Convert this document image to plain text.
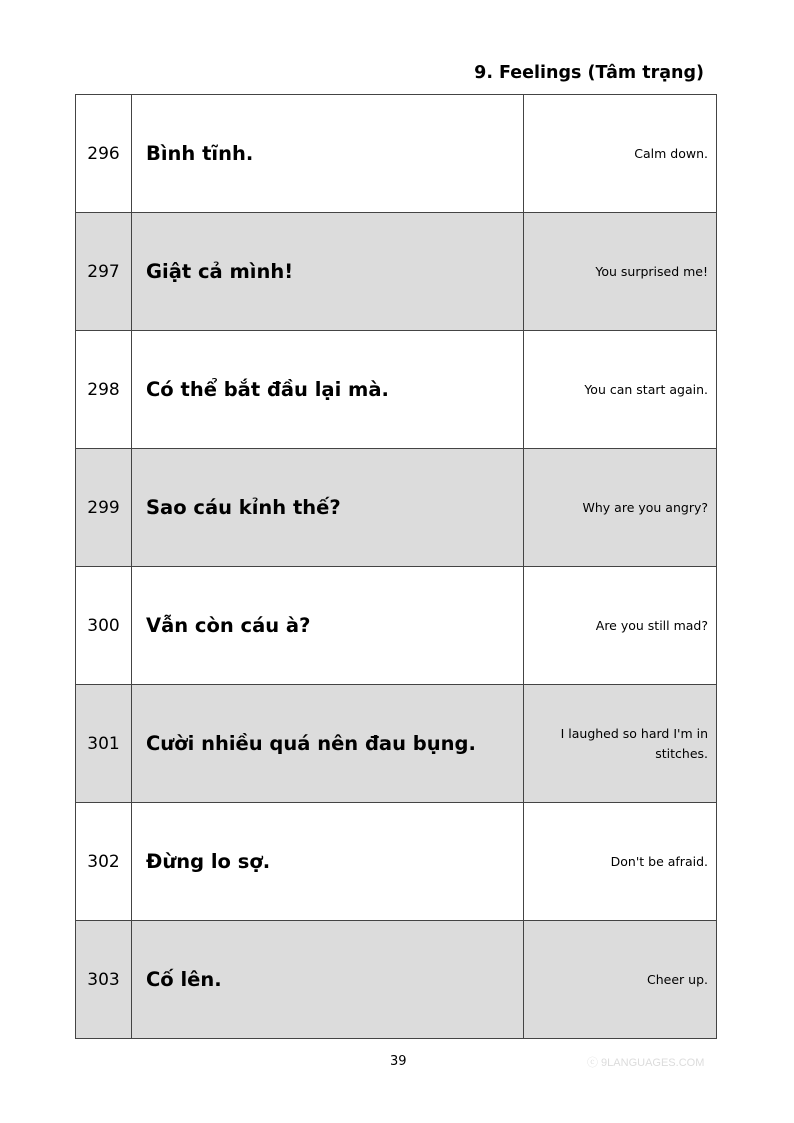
9. Feelings (Tâm trạng)
296	Bình tĩnh.	Calm down.
297	Giật cả mình!	You surprised me!
298	Có thể bắt đầu lại mà.	You can start again.
299	Sao cáu kỉnh thế?	Why are you angry?
300	Vẫn còn cáu à?	Are you still mad?
301	Cười nhiều quá nên đau bụng.	I laughed so hard I'm in stitches.
302	Đừng lo sợ.	Don't be afraid.
303	Cố lên.	Cheer up.
39	ⓒ 9LANGUAGES.COM
